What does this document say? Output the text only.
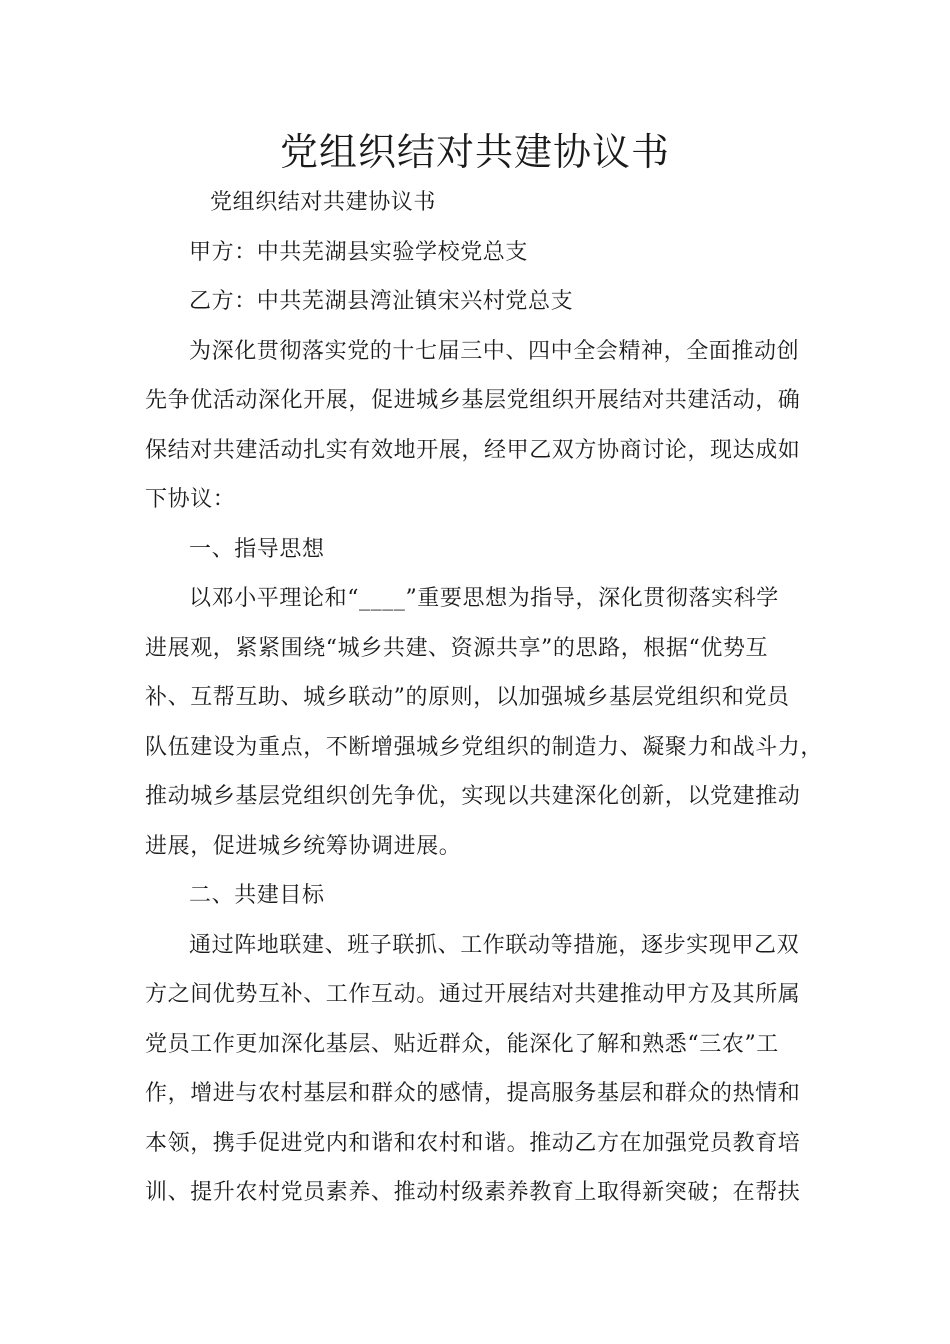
党组织结对共建协议书
党组织结对共建协议书
甲方：中共芜湖县实验学校党总支
乙方：中共芜湖县湾沚镇宋兴村党总支
为深化贯彻落实党的十七届三中、四中全会精神，全面推动创
先争优活动深化开展，促进城乡基层党组织开展结对共建活动，确
保结对共建活动扎实有效地开展，经甲乙双方协商讨论，现达成如
下协议：
一、指导思想
以邓小平理论和“____”重要思想为指导，深化贯彻落实科学
进展观，紧紧围绕“城乡共建、资源共享”的思路，根据“优势互
补、互帮互助、城乡联动”的原则，以加强城乡基层党组织和党员
队伍建设为重点，不断增强城乡党组织的制造力、凝聚力和战斗力，
推动城乡基层党组织创先争优，实现以共建深化创新，以党建推动
进展，促进城乡统筹协调进展。
二、共建目标
通过阵地联建、班子联抓、工作联动等措施，逐步实现甲乙双
方之间优势互补、工作互动。通过开展结对共建推动甲方及其所属
党员工作更加深化基层、贴近群众，能深化了解和熟悉“三农”工
作，增进与农村基层和群众的感情，提高服务基层和群众的热情和
本领，携手促进党内和谐和农村和谐。推动乙方在加强党员教育培
训、提升农村党员素养、推动村级素养教育上取得新突破；在帮扶
